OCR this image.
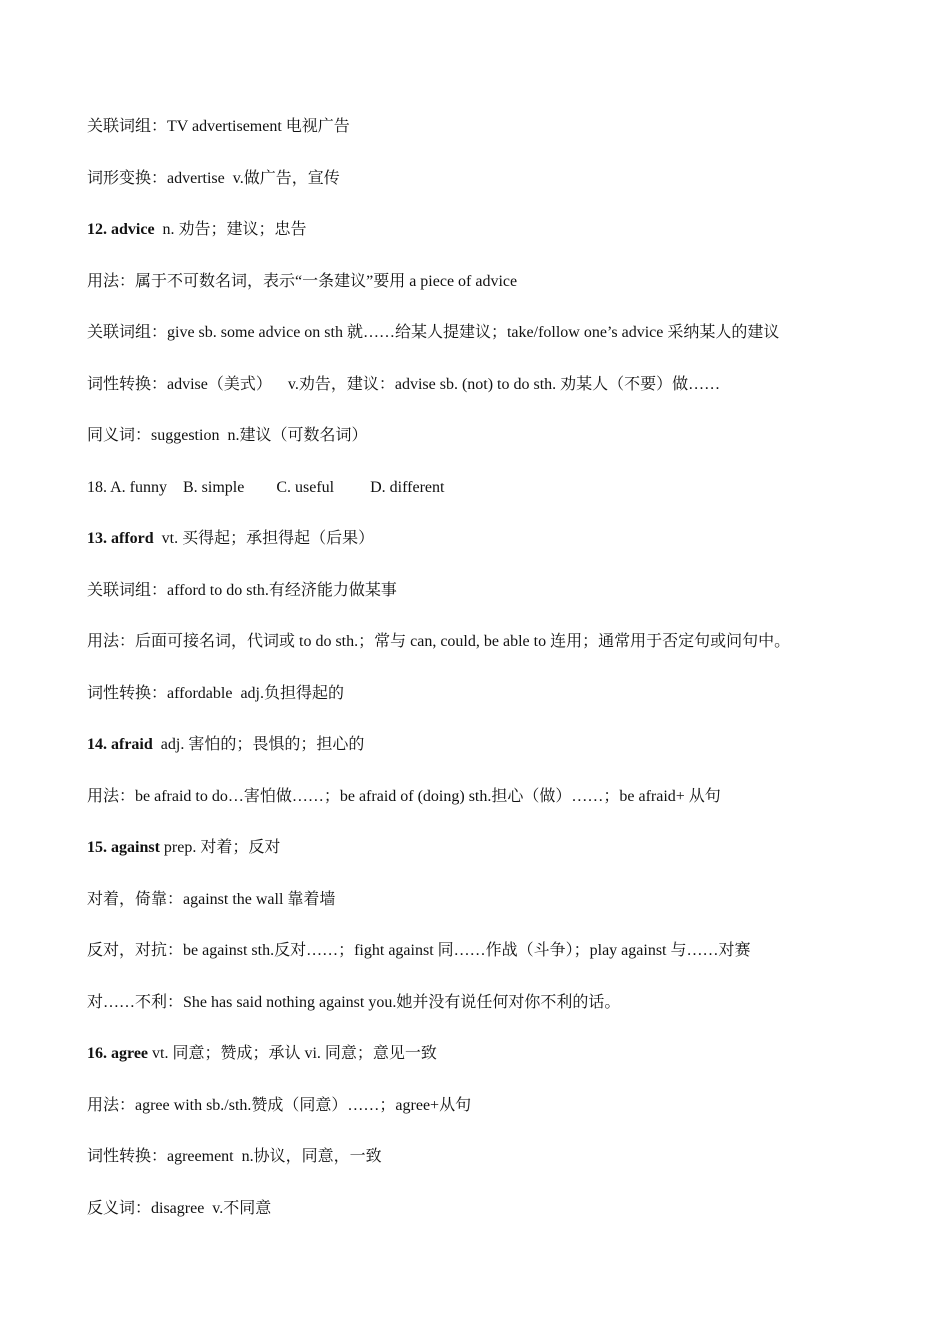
关联词组：TV advertisement 电视广告
词形变换：advertise  v.做广告，宣传
12. advice  n. 劝告；建议；忠告
用法：属于不可数名词，表示“一条建议”要用 a piece of advice
关联词组：give sb. some advice on sth 就……给某人提建议；take/follow one’s advice 采纳某人的建议
词性转换：advise（美式）    v.劝告，建议：advise sb. (not) to do sth. 劝某人（不要）做……
同义词：suggestion  n.建议（可数名词）
18. A. funny    B. simple        C. useful         D. different
13. afford  vt. 买得起；承担得起（后果）
关联词组：afford to do sth.有经济能力做某事
用法：后面可接名词，代词或 to do sth.；常与 can, could, be able to 连用；通常用于否定句或问句中。
词性转换：affordable  adj.负担得起的
14. afraid  adj. 害怕的；畏惧的；担心的
用法：be afraid to do…害怕做……；be afraid of (doing) sth.担心（做）……；be afraid+ 从句
15. against prep. 对着；反对
对着，倚靠：against the wall 靠着墙
反对，对抗：be against sth.反对……；fight against 同……作战（斗争）；play against 与……对赛
对……不利：She has said nothing against you.她并没有说任何对你不利的话。
16. agree vt. 同意；赞成；承认 vi. 同意；意见一致
用法：agree with sb./sth.赞成（同意）……；agree+从句
词性转换：agreement  n.协议，同意，一致
反义词：disagree  v.不同意
